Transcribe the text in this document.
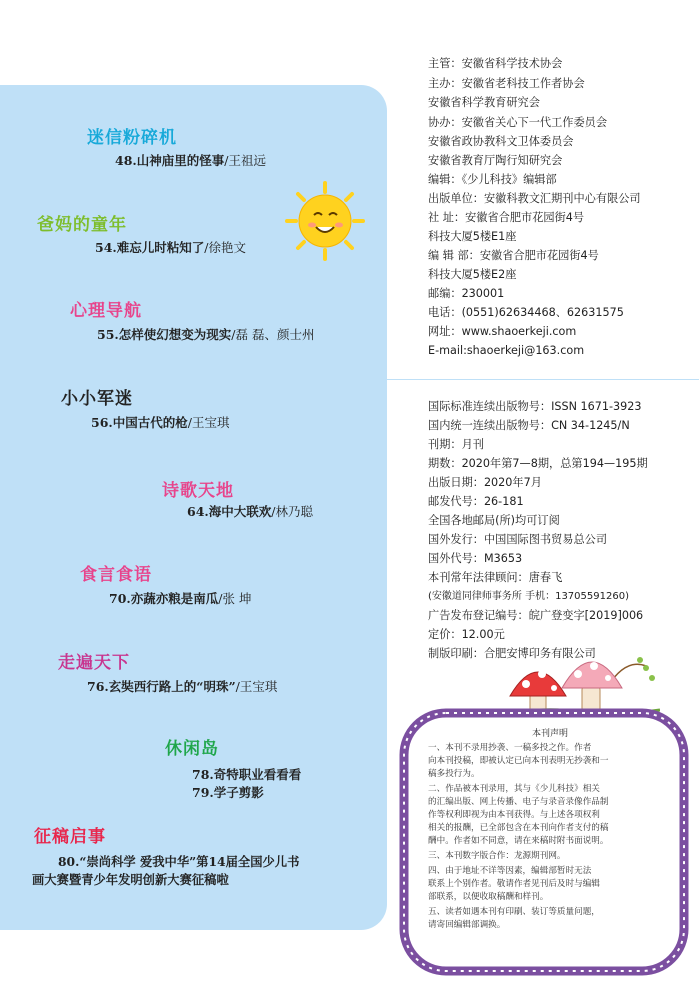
迷信粉碎机
48.山神庙里的怪事/王祖远
爸妈的童年
54.难忘儿时粘知了/徐艳文
心理导航
55.怎样使幻想变为现实/磊 磊、颜士州
小小军迷
56.中国古代的枪/王宝琪
诗歌天地
64.海中大联欢/林乃聪
食言食语
70.亦蔬亦粮是南瓜/张 坤
走遍天下
76.玄奘西行路上的“明珠”/王宝琪
休闲岛
78.奇特职业看看看
79.学子剪影
征稿启事
80.“崇尚科学 爱我中华”第14届全国少儿书
画大赛暨青少年发明创新大赛征稿啦
主管：安徽省科学技术协会
主办：安徽省老科技工作者协会
安徽省科学教育研究会
协办：安徽省关心下一代工作委员会
安徽省政协教科文卫体委员会
安徽省教育厅陶行知研究会
编辑：《少儿科技》编辑部
出版单位：安徽科教文汇期刊中心有限公司
社 址：安徽省合肥市花园街4号
科技大厦5楼E1座
编 辑 部：安徽省合肥市花园街4号
科技大厦5楼E2座
邮编：230001
电话：(0551)62634468、62631575
网址：www.shaoerkeji.com
E-mail:shaoerkeji@163.com
国际标准连续出版物号：ISSN 1671-3923
国内统一连续出版物号：CN 34-1245/N
刊期：月刊
期数：2020年第7—8期，总第194—195期
出版日期：2020年7月
邮发代号：26-181
全国各地邮局(所)均可订阅
国外发行：中国国际图书贸易总公司
国外代号：M3653
本刊常年法律顾问：唐春飞
(安徽道同律师事务所 手机：13705591260)
广告发布登记编号：皖广登变字[2019]006
定价：12.00元
制版印刷：合肥安博印务有限公司
本刊声明
一、本刊不录用抄袭、一稿多投之作。作者
向本刊投稿，即被认定已向本刊表明无抄袭和一
稿多投行为。
二、作品被本刊录用，其与《少儿科技》相关
的汇编出版、网上传播、电子与录音录像作品制
作等权利即视为由本刊获得。与上述各项权利
相关的报酬，已全部包含在本刊向作者支付的稿
酬中。作者如不同意，请在来稿时附书面说明。
三、本刊数字版合作：龙源期刊网。
四、由于地址不详等因素，编辑部暂时无法
联系上个别作者。敬请作者见刊后及时与编辑
部联系，以便收取稿酬和样刊。
五、读者如遇本刊有印刷、装订等质量问题，
请寄回编辑部调换。
